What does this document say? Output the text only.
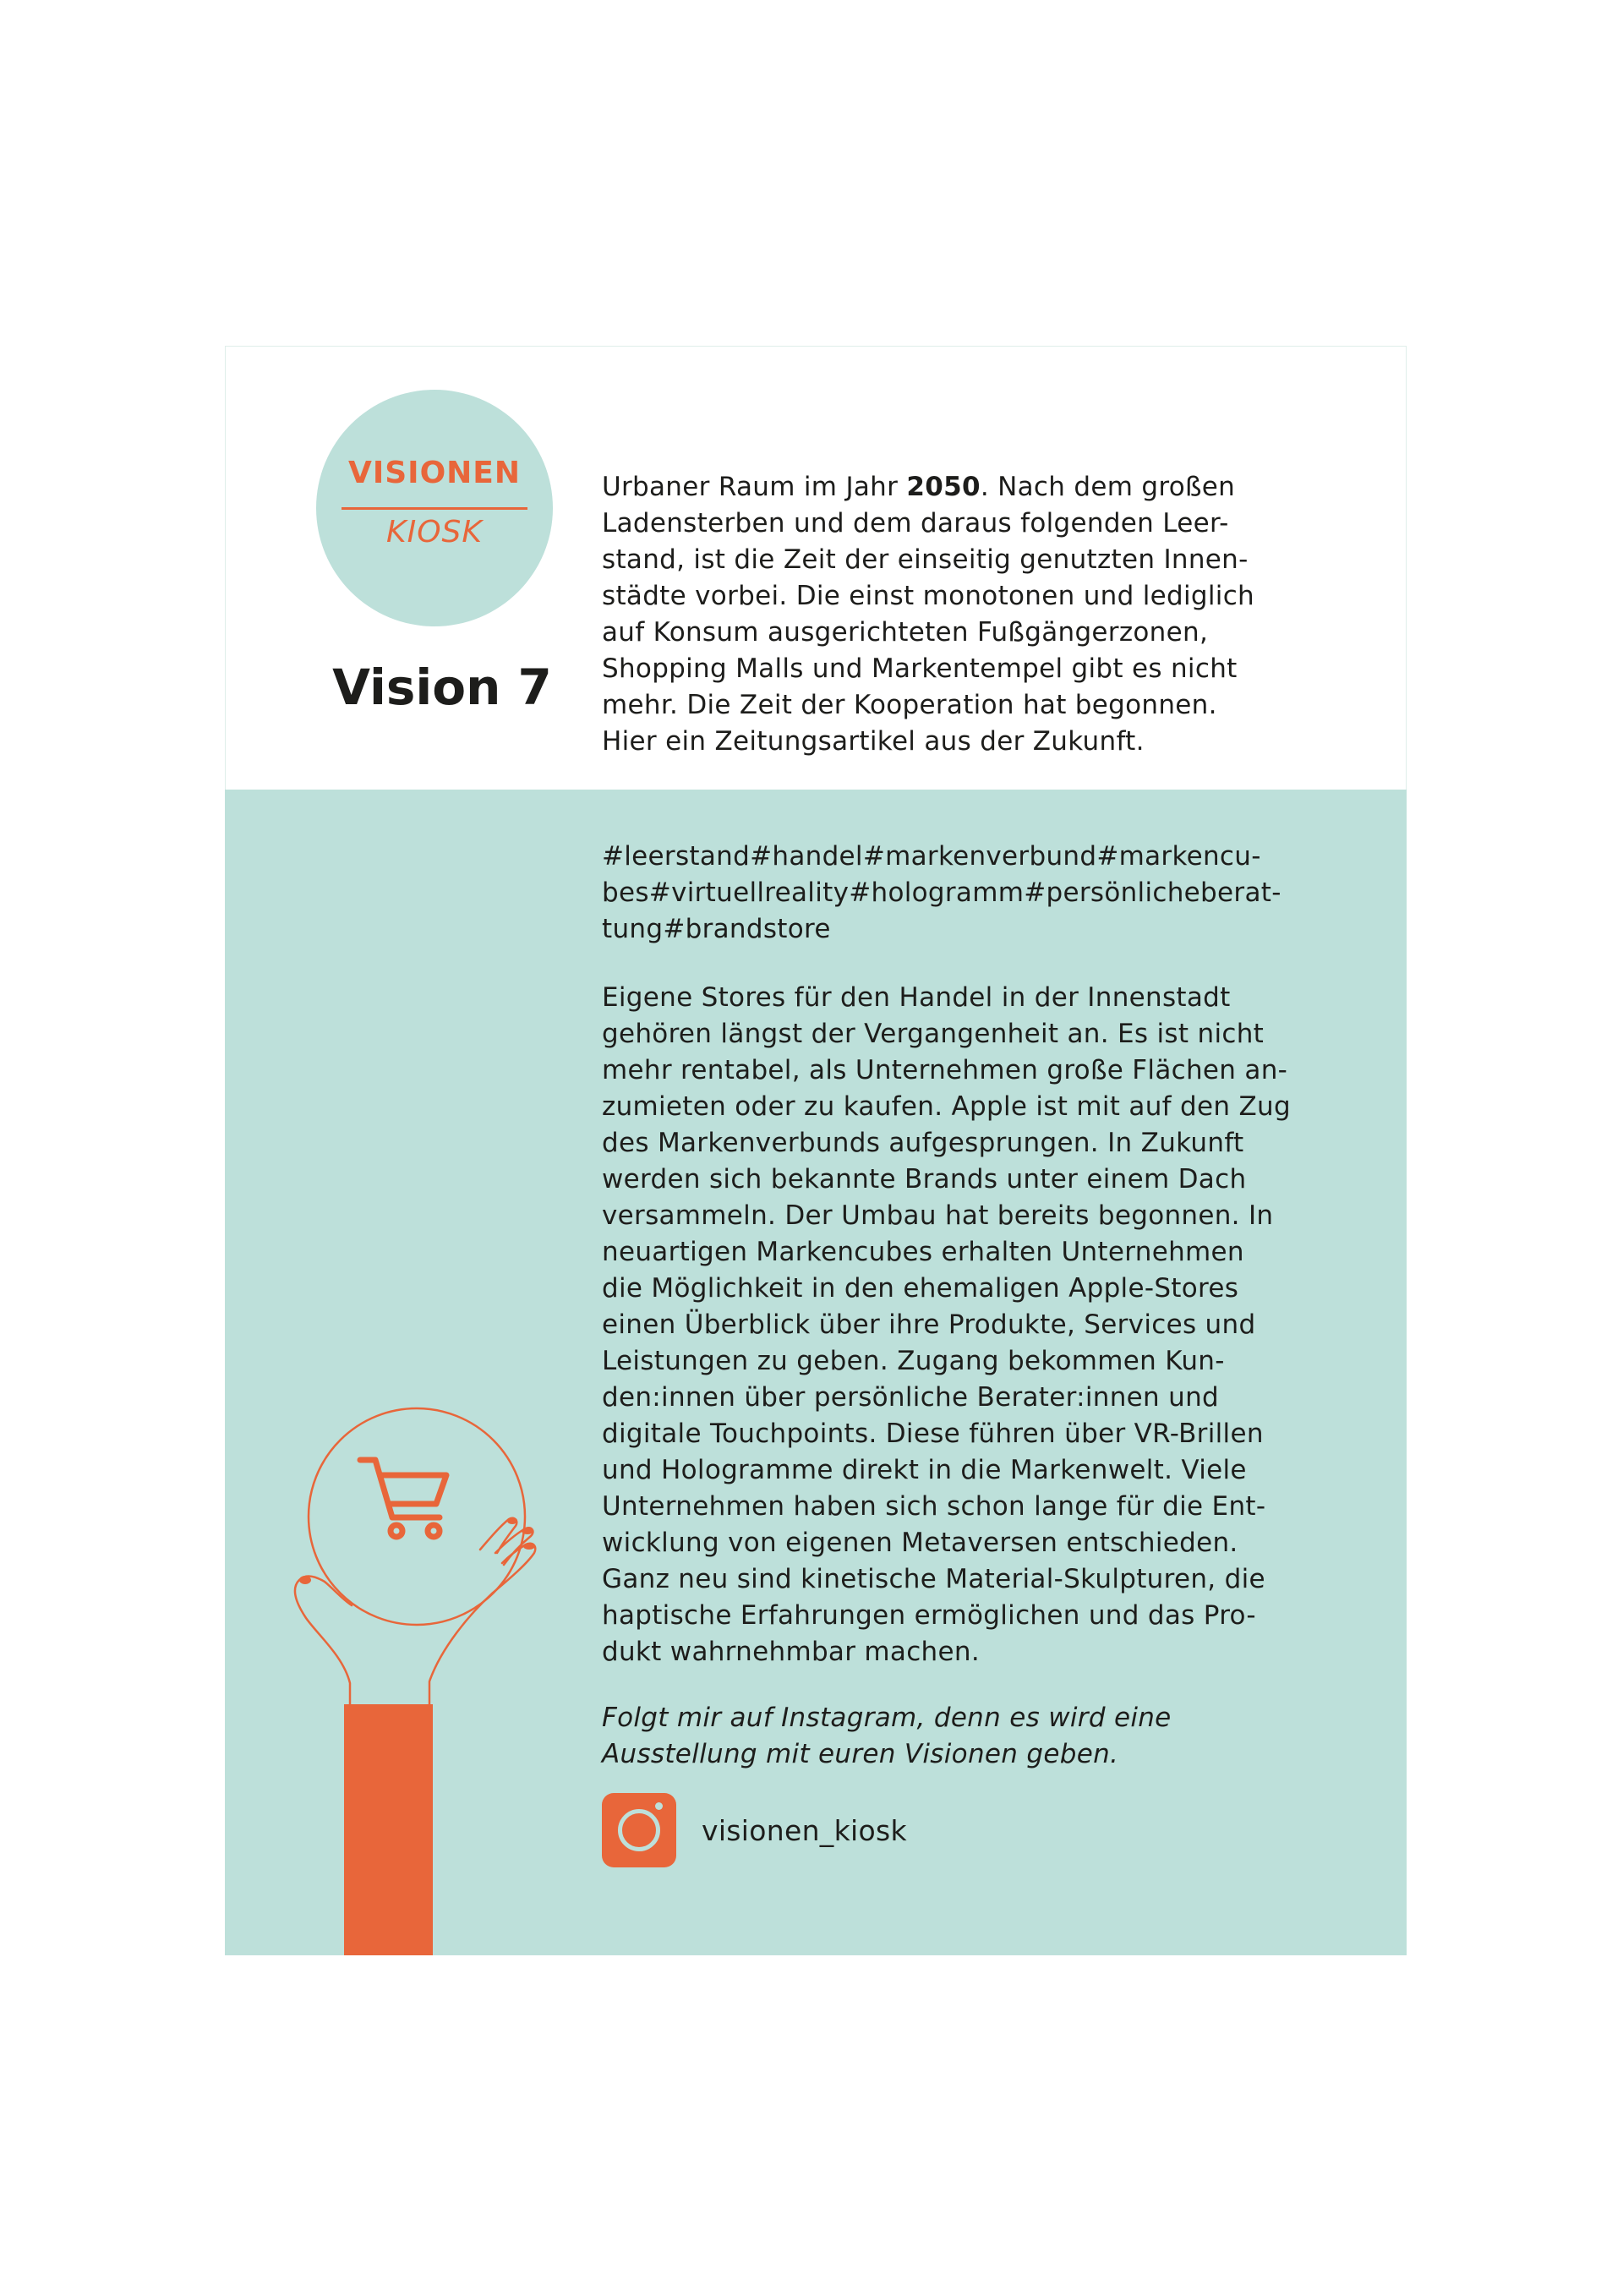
VISIONEN
KIOSK
Vision 7
Urbaner Raum im Jahr 2050. Nach dem großen
Ladensterben und dem daraus folgenden Leer-
stand, ist die Zeit der einseitig genutzten Innen-
städte vorbei. Die einst monotonen und lediglich
auf Konsum ausgerichteten Fußgängerzonen,
Shopping Malls und Markentempel gibt es nicht
mehr. Die Zeit der Kooperation hat begonnen.
Hier ein Zeitungsartikel aus der Zukunft.
#leerstand#handel#markenverbund#markencu-
bes#virtuellreality#hologramm#persönlicheberat-
tung#brandstore
Eigene Stores für den Handel in der Innenstadt
gehören längst der Vergangenheit an. Es ist nicht
mehr rentabel, als Unternehmen große Flächen an-
zumieten oder zu kaufen. Apple ist mit auf den Zug
des Markenverbunds aufgesprungen. In Zukunft
werden sich bekannte Brands unter einem Dach
versammeln. Der Umbau hat bereits begonnen. In
neuartigen Markencubes erhalten Unternehmen
die Möglichkeit in den ehemaligen Apple-Stores
einen Überblick über ihre Produkte, Services und
Leistungen zu geben. Zugang bekommen Kun-
den:innen über persönliche Berater:innen und
digitale Touchpoints. Diese führen über VR-Brillen
und Hologramme direkt in die Markenwelt. Viele
Unternehmen haben sich schon lange für die Ent-
wicklung von eigenen Metaversen entschieden.
Ganz neu sind kinetische Material-Skulpturen, die
haptische Erfahrungen ermöglichen und das Pro-
dukt wahrnehmbar machen.
Folgt mir auf Instagram, denn es wird eine
Ausstellung mit euren Visionen geben.
visionen_kiosk
